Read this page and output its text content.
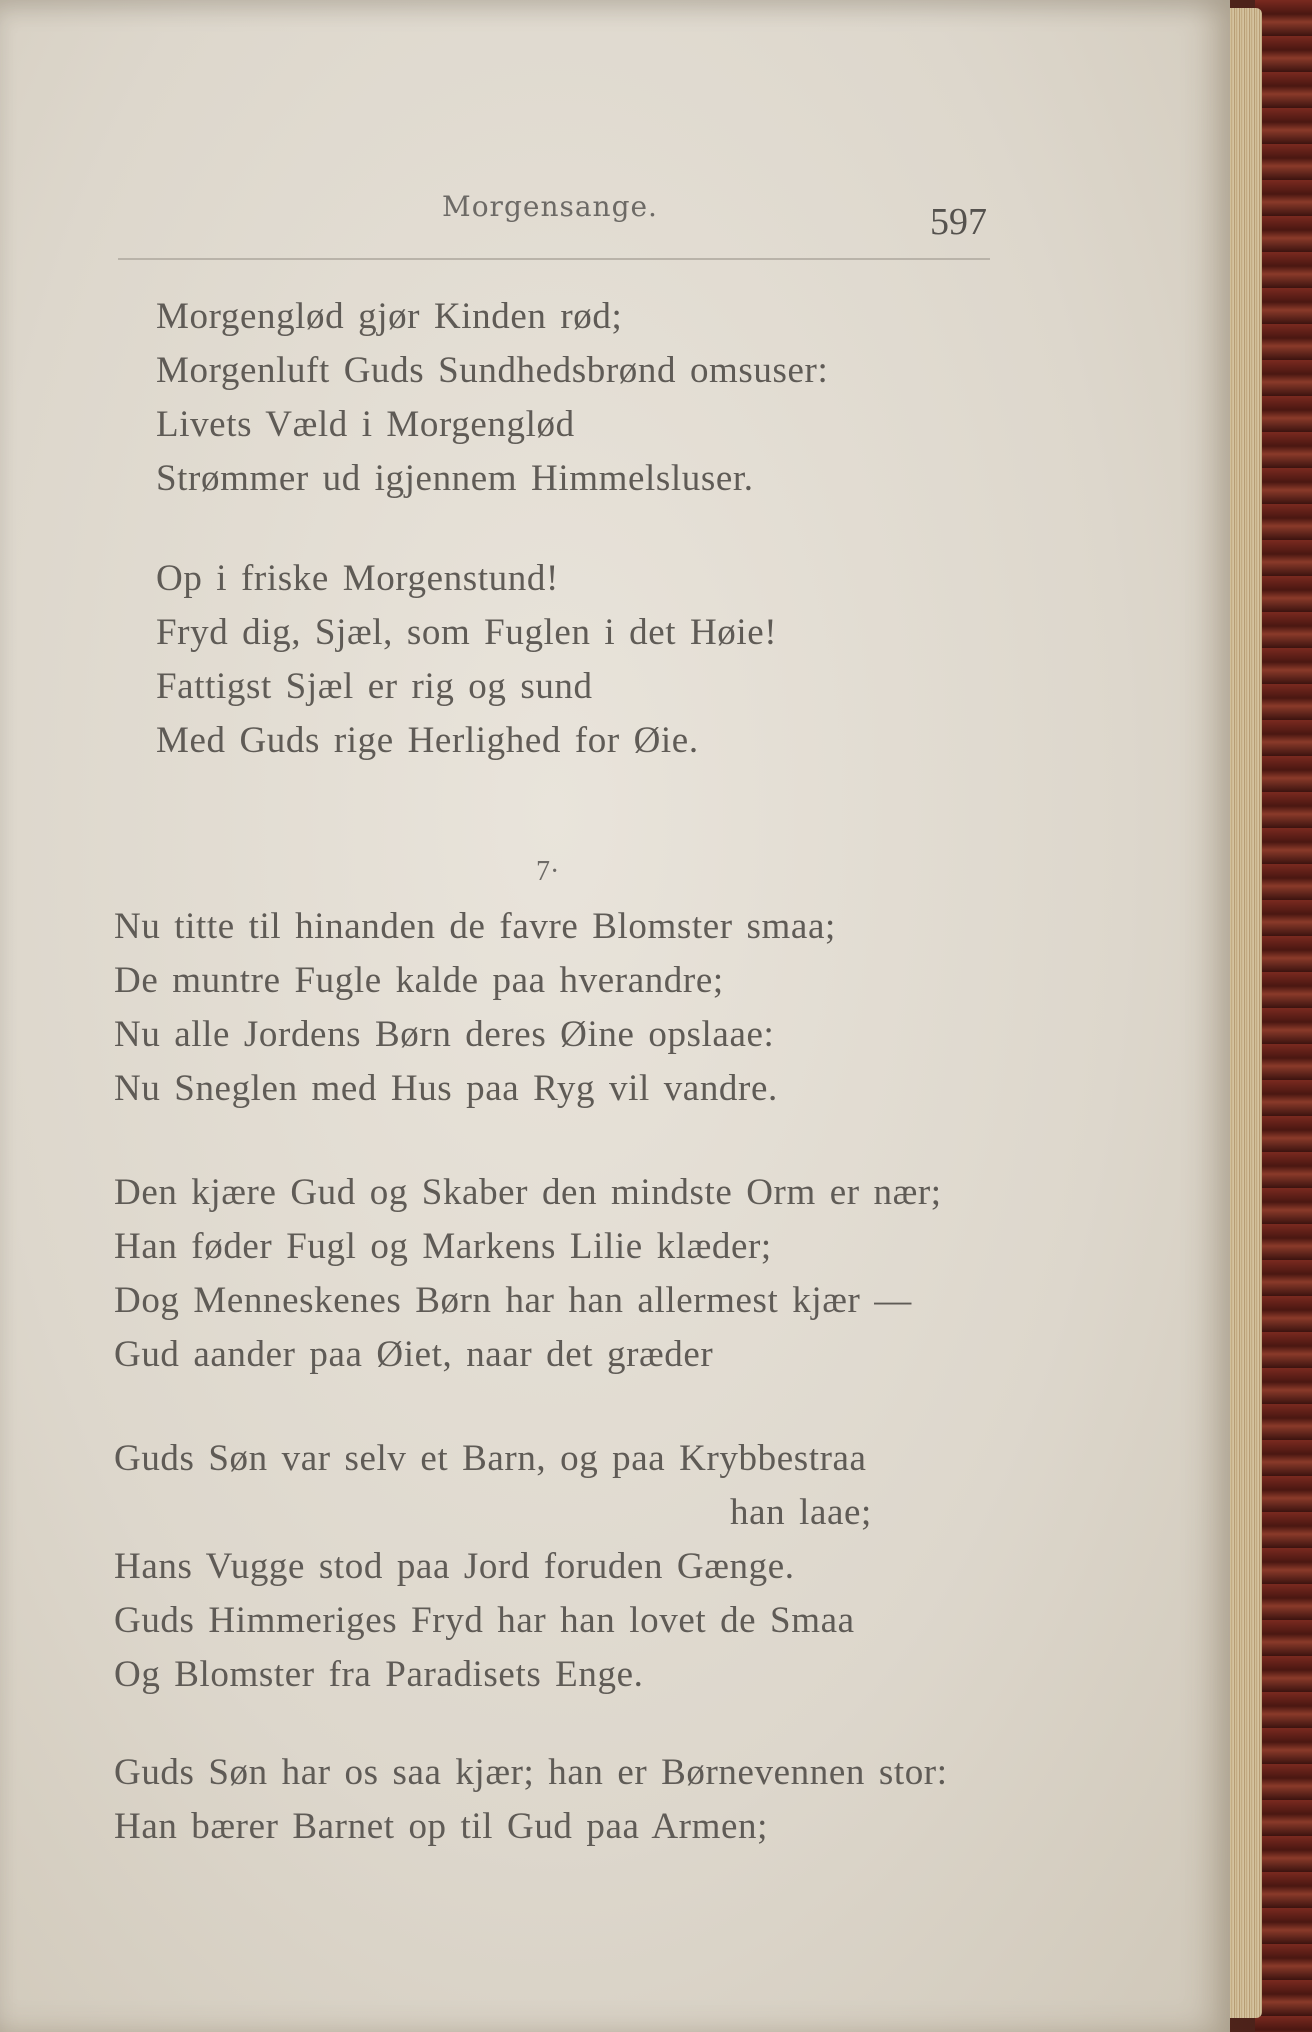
Morgensange.	597
Morgenglød gjør Kinden rød;
Morgenluft Guds Sundhedsbrønd omsuser:
Livets Væld i Morgenglød
Strømmer ud igjennem Himmelsluser.
Op i friske Morgenstund!
Fryd dig, Sjæl, som Fuglen i det Høie!
Fattigst Sjæl er rig og sund
Med Guds rige Herlighed for Øie.
7·
Nu titte til hinanden de favre Blomster smaa;
De muntre Fugle kalde paa hverandre;
Nu alle Jordens Børn deres Øine opslaae:
Nu Sneglen med Hus paa Ryg vil vandre.
Den kjære Gud og Skaber den mindste Orm er nær;
Han føder Fugl og Markens Lilie klæder;
Dog Menneskenes Børn har han allermest kjær —
Gud aander paa Øiet, naar det græder
Guds Søn var selv et Barn, og paa Krybbestraa
han laae;
Hans Vugge stod paa Jord foruden Gænge.
Guds Himmeriges Fryd har han lovet de Smaa
Og Blomster fra Paradisets Enge.
Guds Søn har os saa kjær; han er Børnevennen stor:
Han bærer Barnet op til Gud paa Armen;
